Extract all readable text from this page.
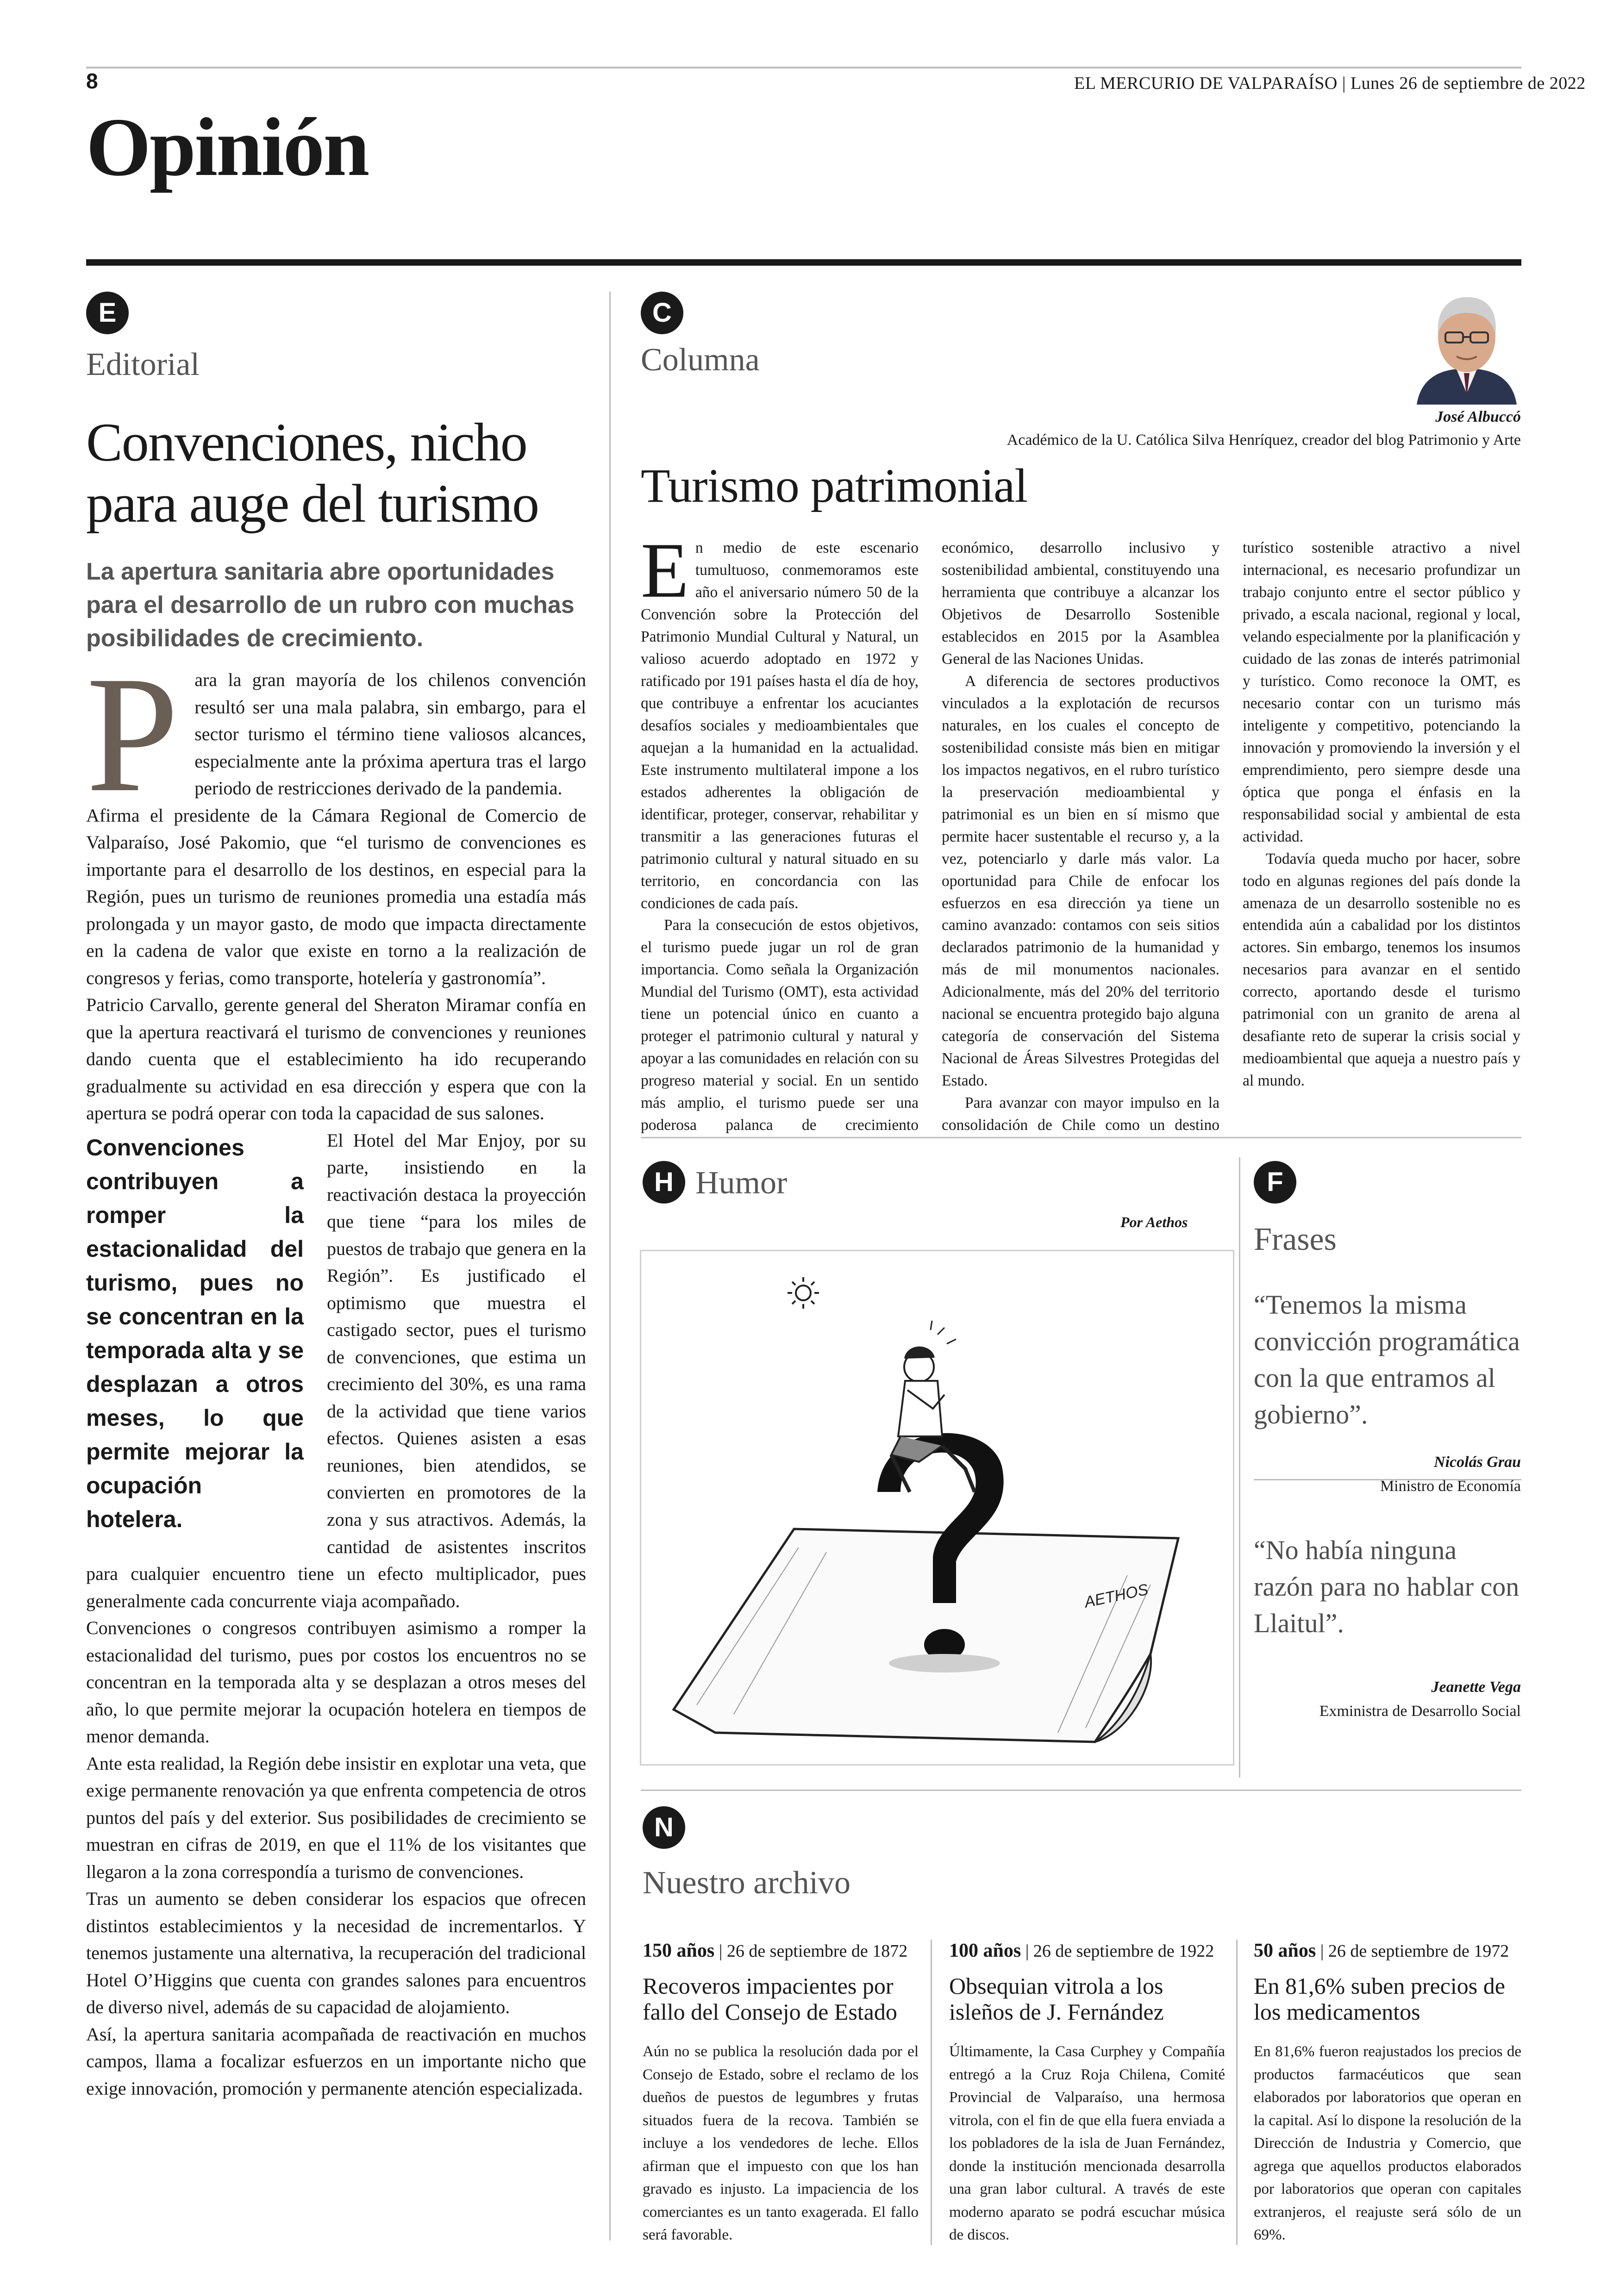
8	EL MERCURIO DE VALPARAÍSO | Lunes 26 de septiembre de 2022
Opinión
E
Editorial
Convenciones, nicho
para auge del turismo
La apertura sanitaria abre oportunidades para el desarrollo de un rubro con muchas posibilidades de crecimiento.

Para la gran mayoría de los chilenos convención resultó ser una mala palabra, sin embargo, para el sector turismo el término tiene valiosos alcances, especialmente ante la próxima apertura tras el largo periodo de restricciones derivado de la pandemia.

Afirma el presidente de la Cámara Regional de Comercio de Valparaíso, José Pakomio, que “el turismo de convenciones es importante para el desarrollo de los destinos, en especial para la Región, pues un turismo de reuniones promedia una estadía más prolongada y un mayor gasto, de modo que impacta directamente en la cadena de valor que existe en torno a la realización de congresos y ferias, como transporte, hotelería y gastronomía”.

Patricio Carvallo, gerente general del Sheraton Miramar confía en que la apertura reactivará el turismo de convenciones y reuniones dando cuenta que el establecimiento ha ido recuperando gradualmente su actividad en esa dirección y espera que con la apertura se podrá operar con toda la capacidad de sus salones.

Convenciones contribuyen a romper la estacionalidad del turismo, pues no se concentran en la temporada alta y se desplazan a otros meses, lo que permite mejorar la ocupación hotelera.
El Hotel del Mar Enjoy, por su parte, insistiendo en la reactivación destaca la proyección que tiene “para los miles de puestos de trabajo que genera en la Región”. Es justificado el optimismo que muestra el castigado sector, pues el turismo de convenciones, que estima un crecimiento del 30%, es una rama de la actividad que tiene varios efectos. Quienes asisten a esas reuniones, bien atendidos, se convierten en promotores de la zona y sus atractivos. Además, la cantidad de asistentes inscritos para cualquier encuentro tiene un efecto multiplicador, pues generalmente cada concurrente viaja acompañado.

Convenciones o congresos contribuyen asimismo a romper la estacionalidad del turismo, pues por costos los encuentros no se concentran en la temporada alta y se desplazan a otros meses del año, lo que permite mejorar la ocupación hotelera en tiempos de menor demanda.

Ante esta realidad, la Región debe insistir en explotar una veta, que exige permanente renovación ya que enfrenta competencia de otros puntos del país y del exterior. Sus posibilidades de crecimiento se muestran en cifras de 2019, en que el 11% de los visitantes que llegaron a la zona correspondía a turismo de convenciones.

Tras un aumento se deben considerar los espacios que ofrecen distintos establecimientos y la necesidad de incrementarlos. Y tenemos justamente una alternativa, la recuperación del tradicional Hotel O’Higgins que cuenta con grandes salones para encuentros de diverso nivel, además de su capacidad de alojamiento.

Así, la apertura sanitaria acompañada de reactivación en muchos campos, llama a focalizar esfuerzos en un importante nicho que exige innovación, promoción y permanente atención especializada.

C
Columna
José Albuccó
Académico de la U. Católica Silva Henríquez, creador del blog Patrimonio y Arte
Turismo patrimonial

En medio de este escenario tumultuoso, conmemoramos este año el aniversario número 50 de la Convención sobre la Protección del Patrimonio Mundial Cultural y Natural, un valioso acuerdo adoptado en 1972 y ratificado por 191 países hasta el día de hoy, que contribuye a enfrentar los acuciantes desafíos sociales y medioambientales que aquejan a la humanidad en la actualidad. Este instrumento multilateral impone a los estados adherentes la obligación de identificar, proteger, conservar, rehabilitar y transmitir a las generaciones futuras el patrimonio cultural y natural situado en su territorio, en concordancia con las condiciones de cada país.

Para la consecución de estos objetivos, el turismo puede jugar un rol de gran importancia. Como señala la Organización Mundial del Turismo (OMT), esta actividad tiene un potencial único en cuanto a proteger el patrimonio cultural y natural y apoyar a las comunidades en relación con su progreso material y social. En un sentido más amplio, el turismo puede ser una poderosa palanca de crecimiento económico, desarrollo inclusivo y sostenibilidad ambiental, constituyendo una herramienta que contribuye a alcanzar los Objetivos de Desarrollo Sostenible establecidos en 2015 por la Asamblea General de las Naciones Unidas.

A diferencia de sectores productivos vinculados a la explotación de recursos naturales, en los cuales el concepto de sostenibilidad consiste más bien en mitigar los impactos negativos, en el rubro turístico la preservación medioambiental y patrimonial es un bien en sí mismo que permite hacer sustentable el recurso y, a la vez, potenciarlo y darle más valor. La oportunidad para Chile de enfocar los esfuerzos en esa dirección ya tiene un camino avanzado: contamos con seis sitios declarados patrimonio de la humanidad y más de mil monumentos nacionales. Adicionalmente, más del 20% del territorio nacional se encuentra protegido bajo alguna categoría de conservación del Sistema Nacional de Áreas Silvestres Protegidas del Estado.

Para avanzar con mayor impulso en la consolidación de Chile como un destino turístico sostenible atractivo a nivel internacional, es necesario profundizar un trabajo conjunto entre el sector público y privado, a escala nacional, regional y local, velando especialmente por la planificación y cuidado de las zonas de interés patrimonial y turístico. Como reconoce la OMT, es necesario contar con un turismo más inteligente y competitivo, potenciando la innovación y promoviendo la inversión y el emprendimiento, pero siempre desde una óptica que ponga el énfasis en la responsabilidad social y ambiental de esta actividad.

Todavía queda mucho por hacer, sobre todo en algunas regiones del país donde la amenaza de un desarrollo sostenible no es entendida aún a cabalidad por los distintos actores. Sin embargo, tenemos los insumos necesarios para avanzar en el sentido correcto, aportando desde el turismo patrimonial con un granito de arena al desafiante reto de superar la crisis social y medioambiental que aqueja a nuestro país y al mundo.

H Humor
Por Aethos
AETHOS
F
Frases
“Tenemos la misma convicción programática con la que entramos al gobierno”.
Nicolás Grau
Ministro de Economía
“No había ninguna razón para no hablar con Llaitul”.
Jeanette Vega
Exministra de Desarrollo Social
N
Nuestro archivo
150 años | 26 de septiembre de 1872
Recoveros impacientes por fallo del Consejo de Estado
Aún no se publica la resolución dada por el Consejo de Estado, sobre el reclamo de los dueños de puestos de legumbres y frutas situados fuera de la recova. También se incluye a los vendedores de leche. Ellos afirman que el impuesto con que los han gravado es injusto. La impaciencia de los comerciantes es un tanto exagerada. El fallo será favorable.
100 años | 26 de septiembre de 1922
Obsequian vitrola a los isleños de J. Fernández
Últimamente, la Casa Curphey y Compañía entregó a la Cruz Roja Chilena, Comité Provincial de Valparaíso, una hermosa vitrola, con el fin de que ella fuera enviada a los pobladores de la isla de Juan Fernández, donde la institución mencionada desarrolla una gran labor cultural. A través de este moderno aparato se podrá escuchar música de discos.
50 años | 26 de septiembre de 1972
En 81,6% suben precios de los medicamentos
En 81,6% fueron reajustados los precios de productos farmacéuticos que sean elaborados por laboratorios que operan en la capital. Así lo dispone la resolución de la Dirección de Industria y Comercio, que agrega que aquellos productos elaborados por laboratorios que operan con capitales extranjeros, el reajuste será sólo de un 69%.
